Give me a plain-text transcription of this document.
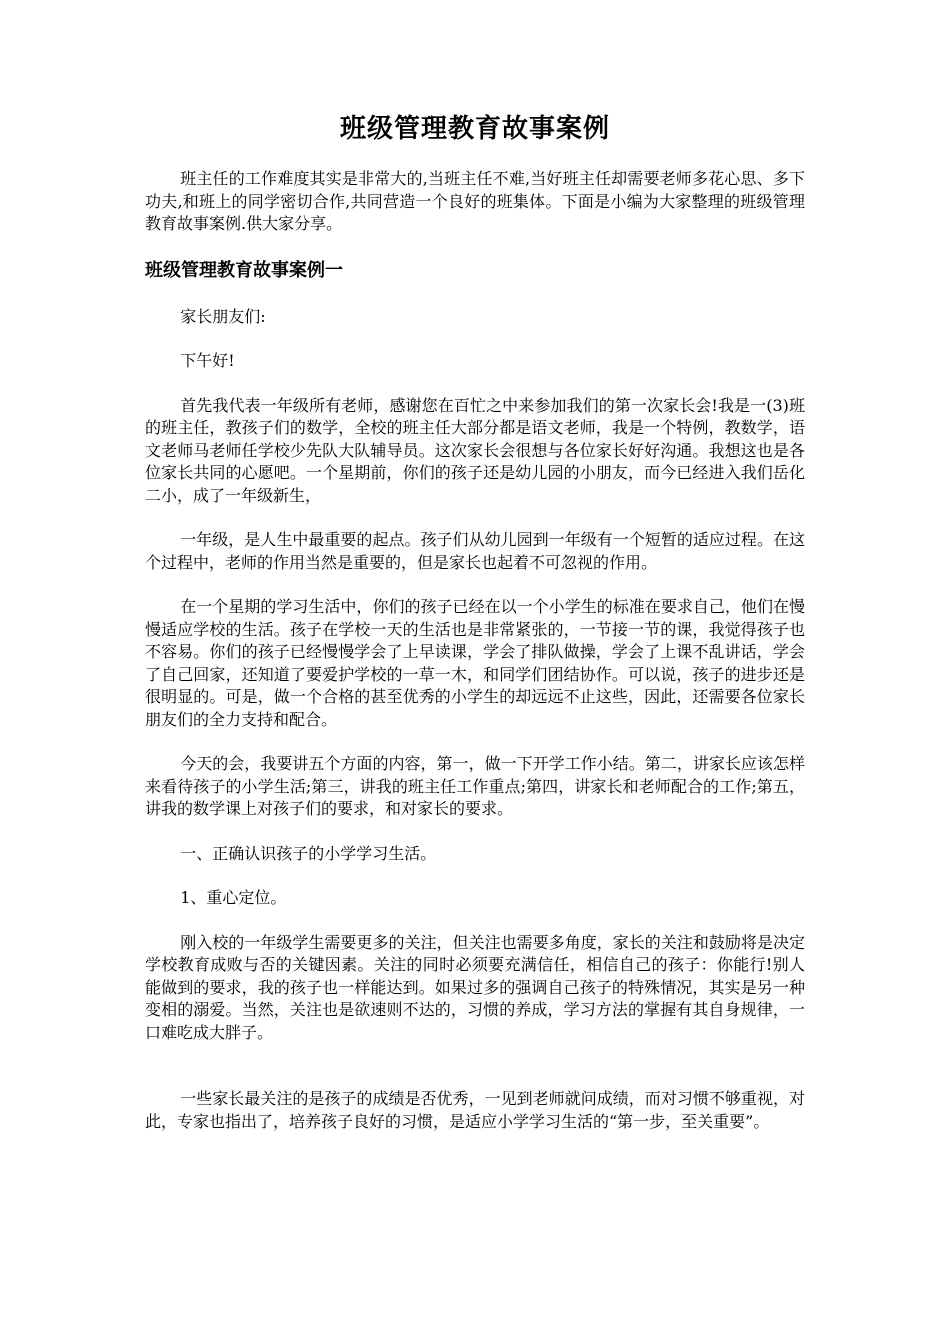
班级管理教育故事案例

班主任的工作难度其实是非常大的,当班主任不难,当好班主任却需要老师多花心思、多下功夫,和班上的同学密切合作,共同营造一个良好的班集体。下面是小编为大家整理的班级管理教育故事案例.供大家分享。

班级管理教育故事案例一

家长朋友们:

下午好!

首先我代表一年级所有老师，感谢您在百忙之中来参加我们的第一次家长会!我是一(3)班的班主任，教孩子们的数学，全校的班主任大部分都是语文老师，我是一个特例，教数学，语文老师马老师任学校少先队大队辅导员。这次家长会很想与各位家长好好沟通。我想这也是各位家长共同的心愿吧。一个星期前，你们的孩子还是幼儿园的小朋友，而今已经进入我们岳化二小，成了一年级新生，

一年级，是人生中最重要的起点。孩子们从幼儿园到一年级有一个短暂的适应过程。在这个过程中，老师的作用当然是重要的，但是家长也起着不可忽视的作用。

在一个星期的学习生活中，你们的孩子已经在以一个小学生的标准在要求自己，他们在慢慢适应学校的生活。孩子在学校一天的生活也是非常紧张的，一节接一节的课，我觉得孩子也不容易。你们的孩子已经慢慢学会了上早读课，学会了排队做操，学会了上课不乱讲话，学会了自己回家，还知道了要爱护学校的一草一木，和同学们团结协作。可以说，孩子的进步还是很明显的。可是，做一个合格的甚至优秀的小学生的却远远不止这些，因此，还需要各位家长朋友们的全力支持和配合。

今天的会，我要讲五个方面的内容，第一，做一下开学工作小结。第二，讲家长应该怎样来看待孩子的小学生活;第三，讲我的班主任工作重点;第四，讲家长和老师配合的工作;第五，讲我的数学课上对孩子们的要求，和对家长的要求。

一、正确认识孩子的小学学习生活。

1、重心定位。

刚入校的一年级学生需要更多的关注，但关注也需要多角度，家长的关注和鼓励将是决定学校教育成败与否的关键因素。关注的同时必须要充满信任，相信自己的孩子：你能行!别人能做到的要求，我的孩子也一样能达到。如果过多的强调自己孩子的特殊情况，其实是另一种变相的溺爱。当然，关注也是欲速则不达的，习惯的养成，学习方法的掌握有其自身规律，一口难吃成大胖子。

一些家长最关注的是孩子的成绩是否优秀，一见到老师就问成绩，而对习惯不够重视，对此，专家也指出了，培养孩子良好的习惯，是适应小学学习生活的“第一步，至关重要”。
